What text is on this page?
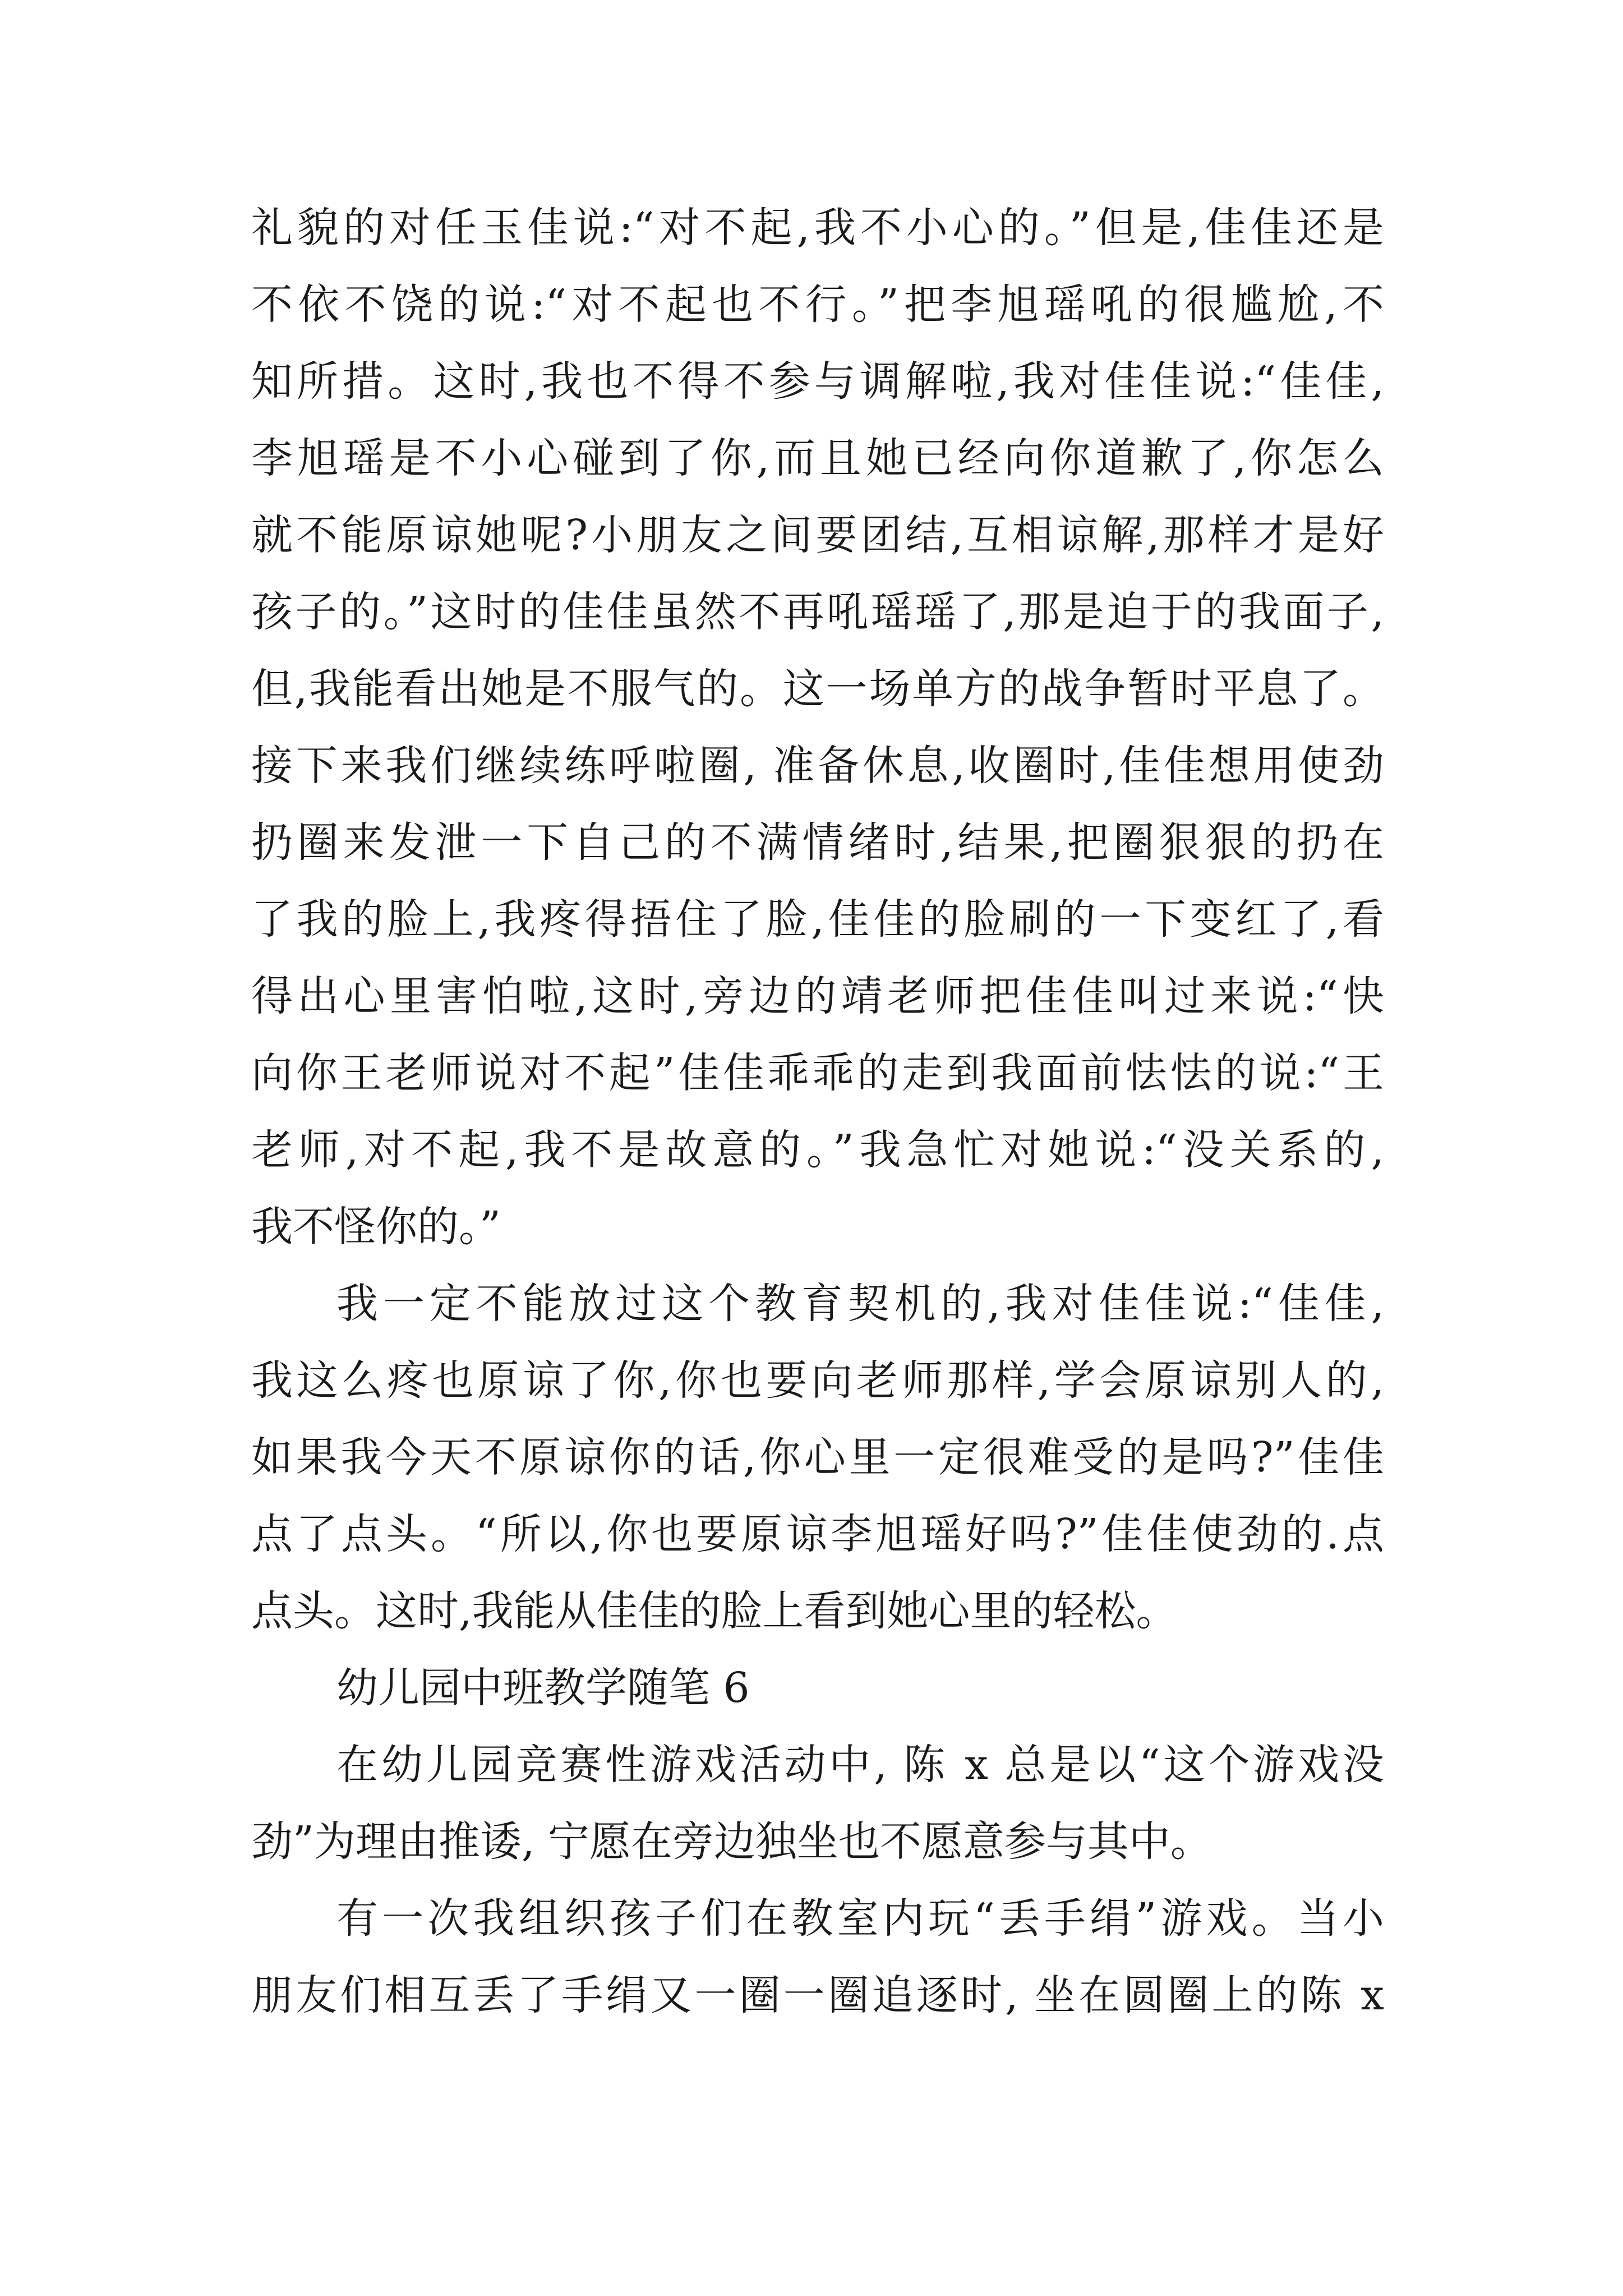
礼貌的对任玉佳说:“对不起,我不小心的。”但是,佳佳还是
不依不饶的说:“对不起也不行。”把李旭瑶吼的很尴尬,不
知所措。这时,我也不得不参与调解啦,我对佳佳说:“佳佳,
李旭瑶是不小心碰到了你,而且她已经向你道歉了,你怎么
就不能原谅她呢?小朋友之间要团结,互相谅解,那样才是好
孩子的。”这时的佳佳虽然不再吼瑶瑶了,那是迫于的我面子,
但,我能看出她是不服气的。这一场单方的战争暂时平息了。
接下来我们继续练呼啦圈, 准备休息,收圈时,佳佳想用使劲
扔圈来发泄一下自己的不满情绪时,结果,把圈狠狠的扔在
了我的脸上,我疼得捂住了脸,佳佳的脸刷的一下变红了,看
得出心里害怕啦,这时,旁边的靖老师把佳佳叫过来说:“快
向你王老师说对不起”佳佳乖乖的走到我面前怯怯的说:“王
老师,对不起,我不是故意的。”我急忙对她说:“没关系的,
我不怪你的。”
我一定不能放过这个教育契机的,我对佳佳说:“佳佳,
我这么疼也原谅了你,你也要向老师那样,学会原谅别人的,
如果我今天不原谅你的话,你心里一定很难受的是吗?”佳佳
点了点头。“所以,你也要原谅李旭瑶好吗?”佳佳使劲的.点
点头。这时,我能从佳佳的脸上看到她心里的轻松。
幼儿园中班教学随笔 6
在幼儿园竞赛性游戏活动中, 陈 x 总是以“这个游戏没
劲”为理由推诿, 宁愿在旁边独坐也不愿意参与其中。
有一次我组织孩子们在教室内玩“丢手绢”游戏。当小
朋友们相互丢了手绢又一圈一圈追逐时, 坐在圆圈上的陈 x
